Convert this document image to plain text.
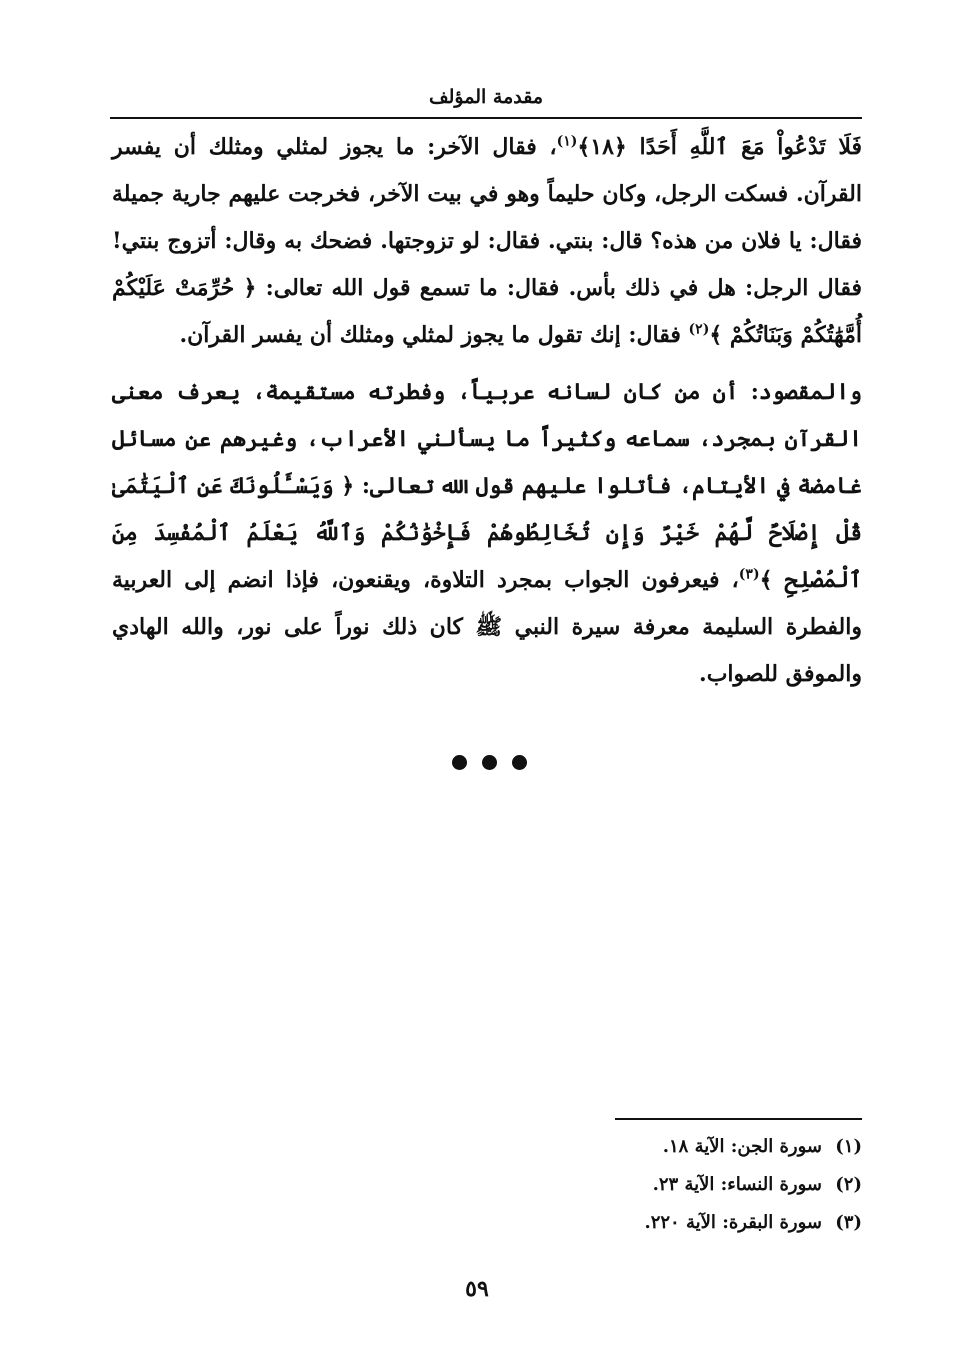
مقدمة المؤلف

فَلَا تَدْعُواْ مَعَ ٱللَّهِ أَحَدًا ﴿١٨﴾$^{(١)}$، فقال الآخر: ما يجوز لمثلي ومثلك أن يفسر القرآن. فسكت الرجل، وكان حليماً وهو في بيت الآخر، فخرجت عليهم جارية جميلة فقال: يا فلان من هذه؟ قال: بنتي. فقال: لو تزوجتها. فضحك به وقال: أتزوج بنتي! فقال الرجل: هل في ذلك بأس. فقال: ما تسمع قول الله تعالى: ﴿ حُرِّمَتْ عَلَيْكُمْ أُمَّهَٰتُكُمْ وَبَنَاتُكُمْ ﴾$^{(٢)}$ فقال: إنك تقول ما يجوز لمثلي ومثلك أن يفسر القرآن.

والمقصود: أن من كان لسانه عربياً، وفطرته مستقيمة، يعرف معنى القرآن بمجرد، سماعه وكثيراً ما يسألني الأعراب، وغيرهم عن مسائل غامضة في الأيتام، فأتلوا عليهم قول الله تعالى: ﴿ وَيَسْـَٔلُونَكَ عَنِ ٱلْيَتَٰمَىٰ قُلْ إِصْلَاحٌ لَّهُمْ خَيْرٌ وَإِن تُخَالِطُوهُمْ فَإِخْوَٰنُكُمْ وَٱللَّهُ يَعْلَمُ ٱلْمُفْسِدَ مِنَ ٱلْمُصْلِحِ ﴾$^{(٣)}$، فيعرفون الجواب بمجرد التلاوة، ويقنعون، فإذا انضم إلى العربية والفطرة السليمة معرفة سيرة النبي ﷺ كان ذلك نوراً على نور، والله الهادي والموفق للصواب.

(١)سورة الجن: الآية ١٨.
(٢)سورة النساء: الآية ٢٣.
(٣)سورة البقرة: الآية ٢٢٠.
٥٩
